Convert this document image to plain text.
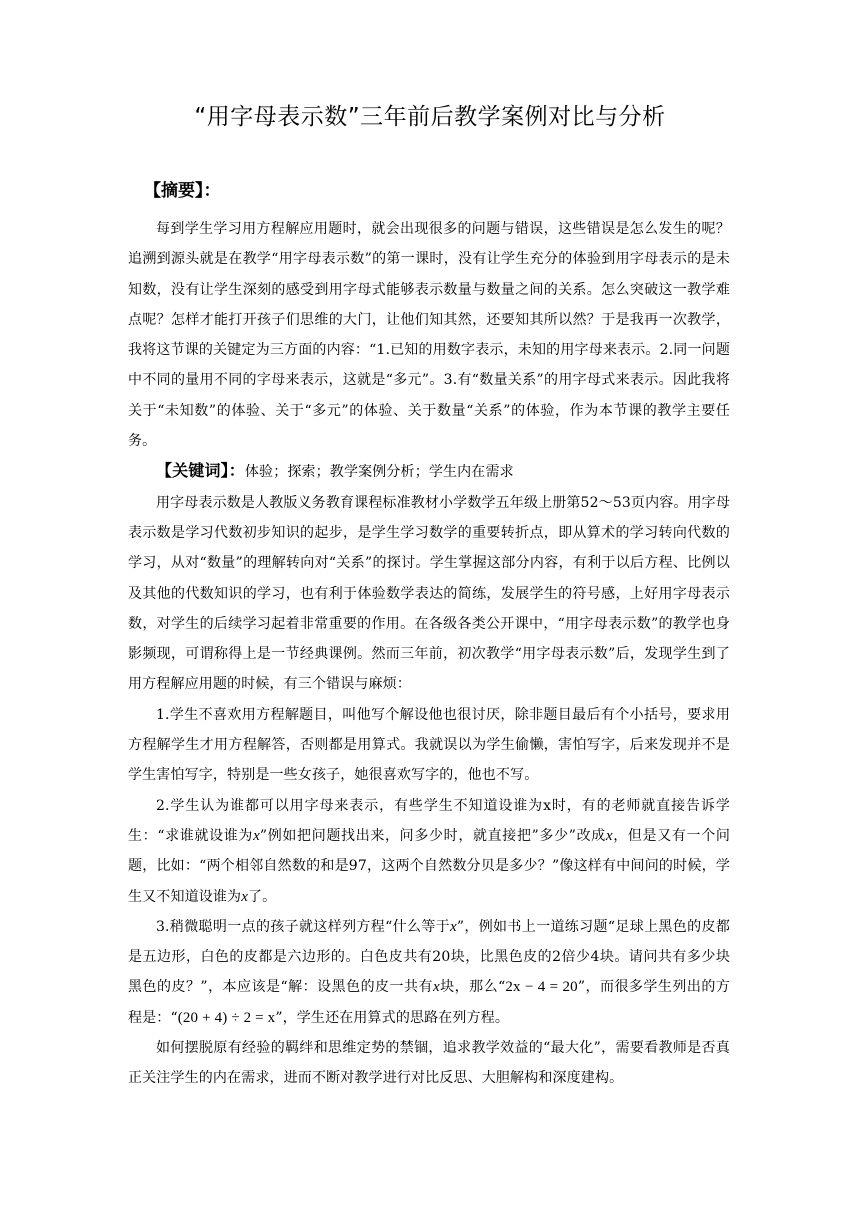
“用字母表示数”三年前后教学案例对比与分析
【摘要】：

每到学生学习用方程解应用题时，就会出现很多的问题与错误，这些错误是怎么发生的呢？追溯到源头就是在教学“用字母表示数”的第一课时，没有让学生充分的体验到用字母表示的是未知数，没有让学生深刻的感受到用字母式能够表示数量与数量之间的关系。怎么突破这一教学难点呢？怎样才能打开孩子们思维的大门，让他们知其然，还要知其所以然？于是我再一次教学，我将这节课的关键定为三方面的内容：“1.已知的用数字表示，未知的用字母来表示。2.同一问题中不同的量用不同的字母来表示，这就是“多元”。3.有“数量关系”的用字母式来表示。因此我将关于“未知数”的体验、关于“多元”的体验、关于数量“关系”的体验，作为本节课的教学主要任务。

【关键词】：体验；探索；教学案例分析；学生内在需求

用字母表示数是人教版义务教育课程标准教材小学数学五年级上册第52～53页内容。用字母表示数是学习代数初步知识的起步，是学生学习数学的重要转折点，即从算术的学习转向代数的学习，从对“数量”的理解转向对“关系”的探讨。学生掌握这部分内容，有利于以后方程、比例以及其他的代数知识的学习，也有利于体验数学表达的简练，发展学生的符号感，上好用字母表示数，对学生的后续学习起着非常重要的作用。在各级各类公开课中，“用字母表示数”的教学也身影频现，可谓称得上是一节经典课例。然而三年前，初次教学“用字母表示数”后，发现学生到了用方程解应用题的时候，有三个错误与麻烦：

1.学生不喜欢用方程解题目，叫他写个解设他也很讨厌，除非题目最后有个小括号，要求用方程解学生才用方程解答，否则都是用算式。我就误以为学生偷懒，害怕写字，后来发现并不是学生害怕写字，特别是一些女孩子，她很喜欢写字的，他也不写。

2.学生认为谁都可以用字母来表示，有些学生不知道设谁为x时，有的老师就直接告诉学生：“求谁就设谁为x”例如把问题找出来，问多少时，就直接把”多少”改成x，但是又有一个问题，比如：“两个相邻自然数的和是97，这两个自然数分贝是多少？”像这样有中间问的时候，学生又不知道设谁为x了。

3.稍微聪明一点的孩子就这样列方程“什么等于x”，例如书上一道练习题“足球上黑色的皮都是五边形，白色的皮都是六边形的。白色皮共有20块，比黑色皮的2倍少4块。请问共有多少块黑色的皮？”，本应该是“解：设黑色的皮一共有x块，那么“2x − 4 = 20”，而很多学生列出的方程是：“(20 + 4) ÷ 2 = x”，学生还在用算式的思路在列方程。

如何摆脱原有经验的羁绊和思维定势的禁锢，追求教学效益的“最大化”，需要看教师是否真正关注学生的内在需求，进而不断对教学进行对比反思、大胆解构和深度建构。
